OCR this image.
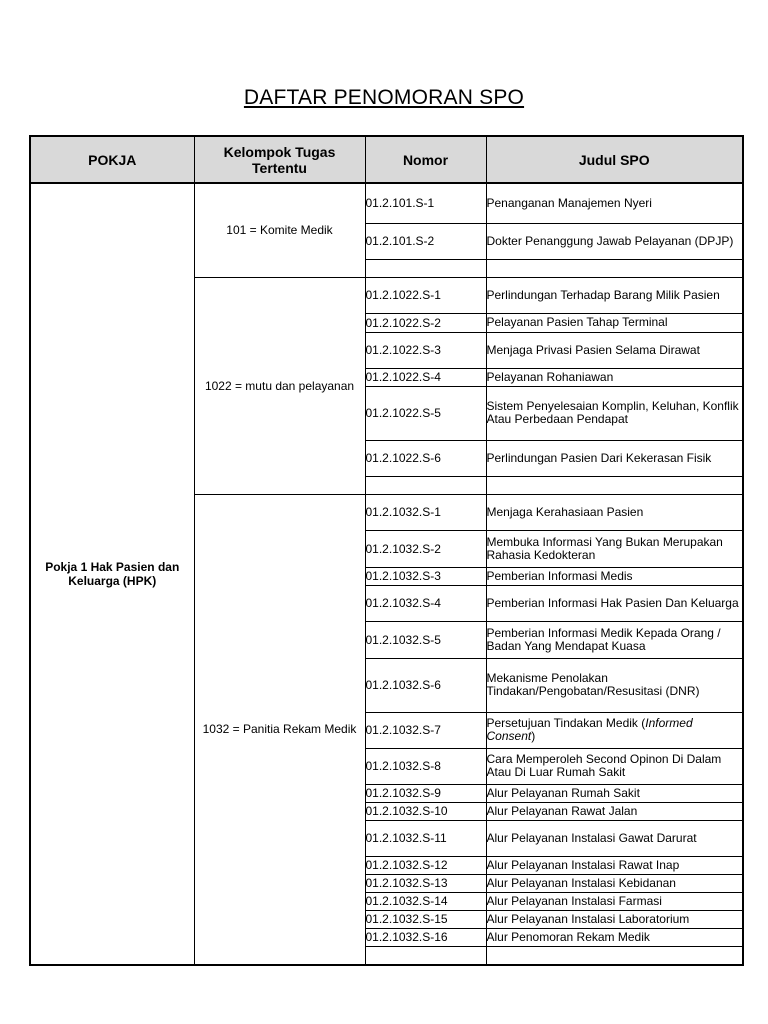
DAFTAR PENOMORAN SPO
POKJA	Kelompok Tugas Tertentu	Nomor	Judul SPO
Pokja 1 Hak Pasien dan Keluarga (HPK)	101 = Komite Medik	01.2.101.S-1	Penanganan Manajemen Nyeri
		01.2.101.S-2	Dokter Penanggung Jawab Pelayanan (DPJP)

	1022 = mutu dan pelayanan	01.2.1022.S-1	Perlindungan Terhadap Barang Milik Pasien
		01.2.1022.S-2	Pelayanan Pasien Tahap Terminal
		01.2.1022.S-3	Menjaga Privasi Pasien Selama Dirawat
		01.2.1022.S-4	Pelayanan Rohaniawan
		01.2.1022.S-5	Sistem Penyelesaian Komplin, Keluhan, Konflik Atau Perbedaan Pendapat
		01.2.1022.S-6	Perlindungan Pasien Dari Kekerasan Fisik

	1032 = Panitia Rekam Medik	01.2.1032.S-1	Menjaga Kerahasiaan Pasien
		01.2.1032.S-2	Membuka Informasi Yang Bukan Merupakan Rahasia Kedokteran
		01.2.1032.S-3	Pemberian Informasi Medis
		01.2.1032.S-4	Pemberian Informasi Hak Pasien Dan Keluarga
		01.2.1032.S-5	Pemberian Informasi Medik Kepada Orang / Badan Yang Mendapat Kuasa
		01.2.1032.S-6	Mekanisme Penolakan Tindakan/Pengobatan/Resusitasi (DNR)
		01.2.1032.S-7	Persetujuan Tindakan Medik (Informed Consent)
		01.2.1032.S-8	Cara Memperoleh Second Opinon Di Dalam Atau Di Luar Rumah Sakit
		01.2.1032.S-9	Alur Pelayanan Rumah Sakit
		01.2.1032.S-10	Alur Pelayanan Rawat Jalan
		01.2.1032.S-11	Alur Pelayanan Instalasi Gawat Darurat
		01.2.1032.S-12	Alur Pelayanan Instalasi Rawat Inap
		01.2.1032.S-13	Alur Pelayanan Instalasi Kebidanan
		01.2.1032.S-14	Alur Pelayanan Instalasi Farmasi
		01.2.1032.S-15	Alur Pelayanan Instalasi Laboratorium
		01.2.1032.S-16	Alur Penomoran Rekam Medik
